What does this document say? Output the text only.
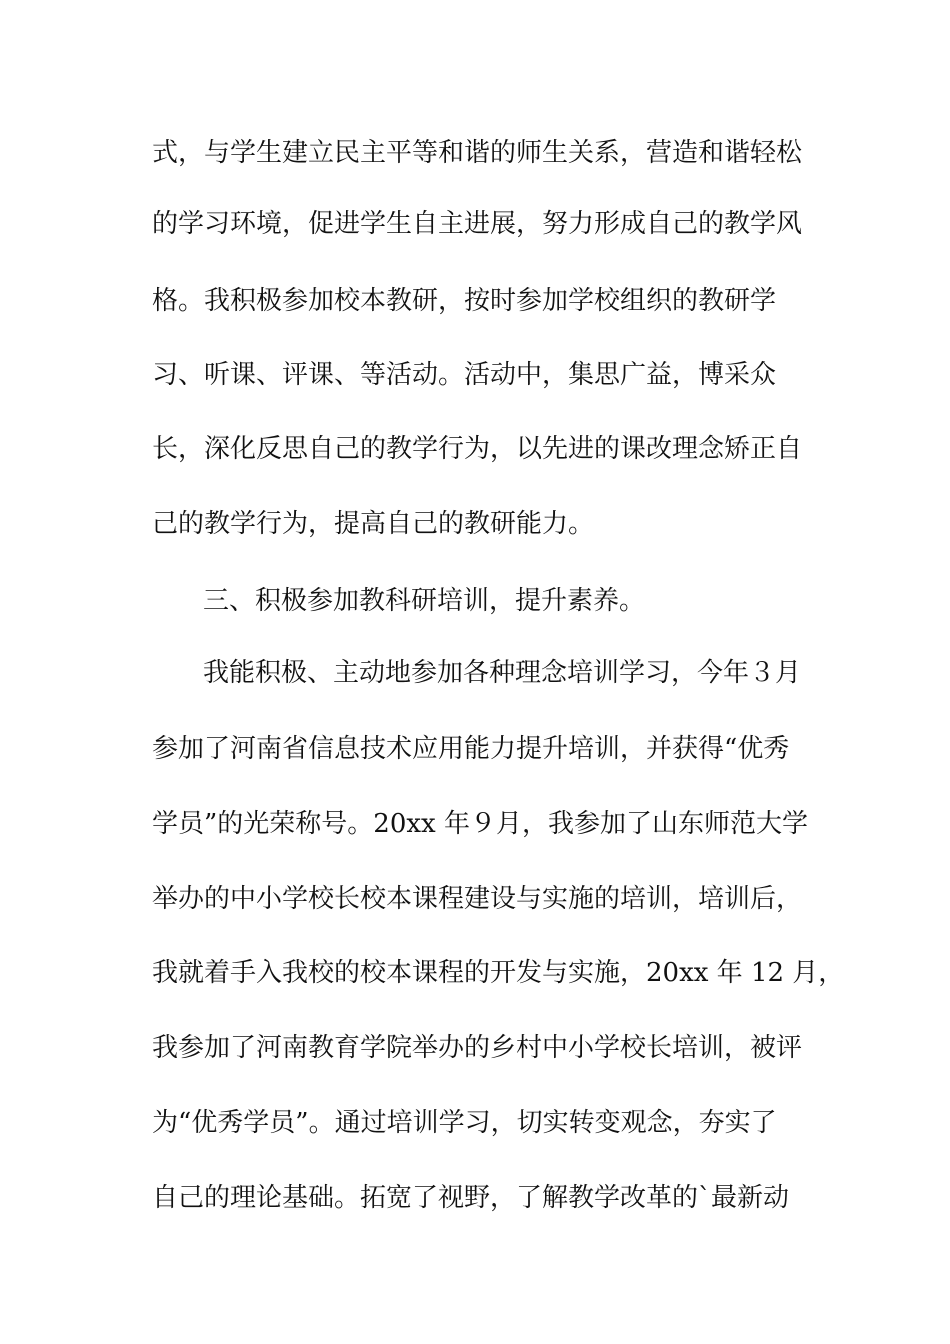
式，与学生建立民主平等和谐的师生关系，营造和谐轻松
的学习环境，促进学生自主进展，努力形成自己的教学风
格。我积极参加校本教研，按时参加学校组织的教研学
习、听课、评课、等活动。活动中，集思广益，博采众
长，深化反思自己的教学行为，以先进的课改理念矫正自
己的教学行为，提高自己的教研能力。
三、积极参加教科研培训，提升素养。
我能积极、主动地参加各种理念培训学习，今年３月
参加了河南省信息技术应用能力提升培训，并获得“优秀
学员”的光荣称号。20xx 年９月，我参加了山东师范大学
举办的中小学校长校本课程建设与实施的培训，培训后，
我就着手入我校的校本课程的开发与实施，20xx 年 12 月，
我参加了河南教育学院举办的乡村中小学校长培训，被评
为“优秀学员”。通过培训学习，切实转变观念，夯实了
自己的理论基础。拓宽了视野，了解教学改革的`最新动
